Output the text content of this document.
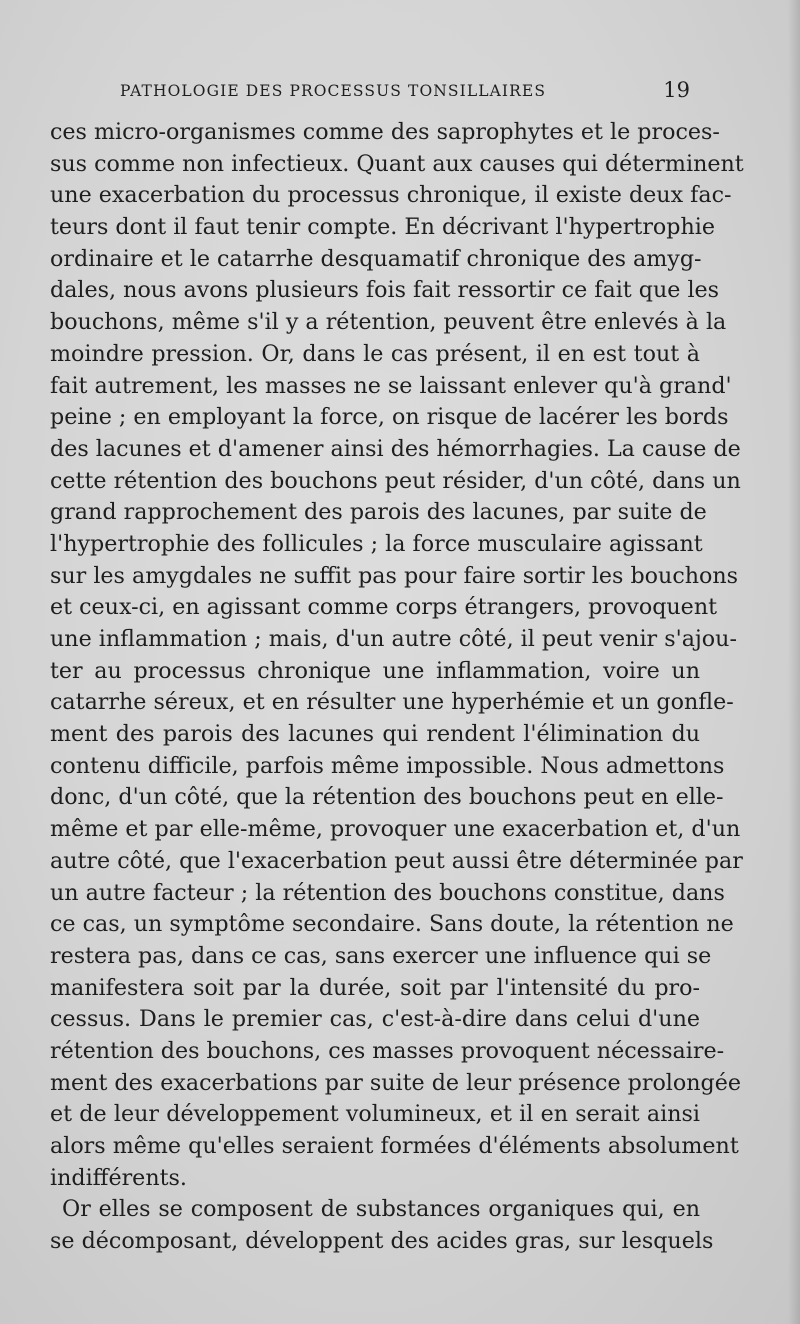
PATHOLOGIE DES PROCESSUS TONSILLAIRES	19
ces micro-organismes comme des saprophytes et le proces-
sus comme non infectieux. Quant aux causes qui déterminent
une exacerbation du processus chronique, il existe deux fac-
teurs dont il faut tenir compte. En décrivant l'hypertrophie
ordinaire et le catarrhe desquamatif chronique des amyg-
dales, nous avons plusieurs fois fait ressortir ce fait que les
bouchons, même s'il y a rétention, peuvent être enlevés à la
moindre pression. Or, dans le cas présent, il en est tout à
fait autrement, les masses ne se laissant enlever qu'à grand'
peine ; en employant la force, on risque de lacérer les bords
des lacunes et d'amener ainsi des hémorrhagies. La cause de
cette rétention des bouchons peut résider, d'un côté, dans un
grand rapprochement des parois des lacunes, par suite de
l'hypertrophie des follicules ; la force musculaire agissant
sur les amygdales ne suffit pas pour faire sortir les bouchons
et ceux-ci, en agissant comme corps étrangers, provoquent
une inflammation ; mais, d'un autre côté, il peut venir s'ajou-
ter au processus chronique une inflammation, voire un
catarrhe séreux, et en résulter une hyperhémie et un gonfle-
ment des parois des lacunes qui rendent l'élimination du
contenu difficile, parfois même impossible. Nous admettons
donc, d'un côté, que la rétention des bouchons peut en elle-
même et par elle-même, provoquer une exacerbation et, d'un
autre côté, que l'exacerbation peut aussi être déterminée par
un autre facteur ; la rétention des bouchons constitue, dans
ce cas, un symptôme secondaire. Sans doute, la rétention ne
restera pas, dans ce cas, sans exercer une influence qui se
manifestera soit par la durée, soit par l'intensité du pro-
cessus. Dans le premier cas, c'est-à-dire dans celui d'une
rétention des bouchons, ces masses provoquent nécessaire-
ment des exacerbations par suite de leur présence prolongée
et de leur développement volumineux, et il en serait ainsi
alors même qu'elles seraient formées d'éléments absolument
indifférents.
Or elles se composent de substances organiques qui, en
se décomposant, développent des acides gras, sur lesquels
